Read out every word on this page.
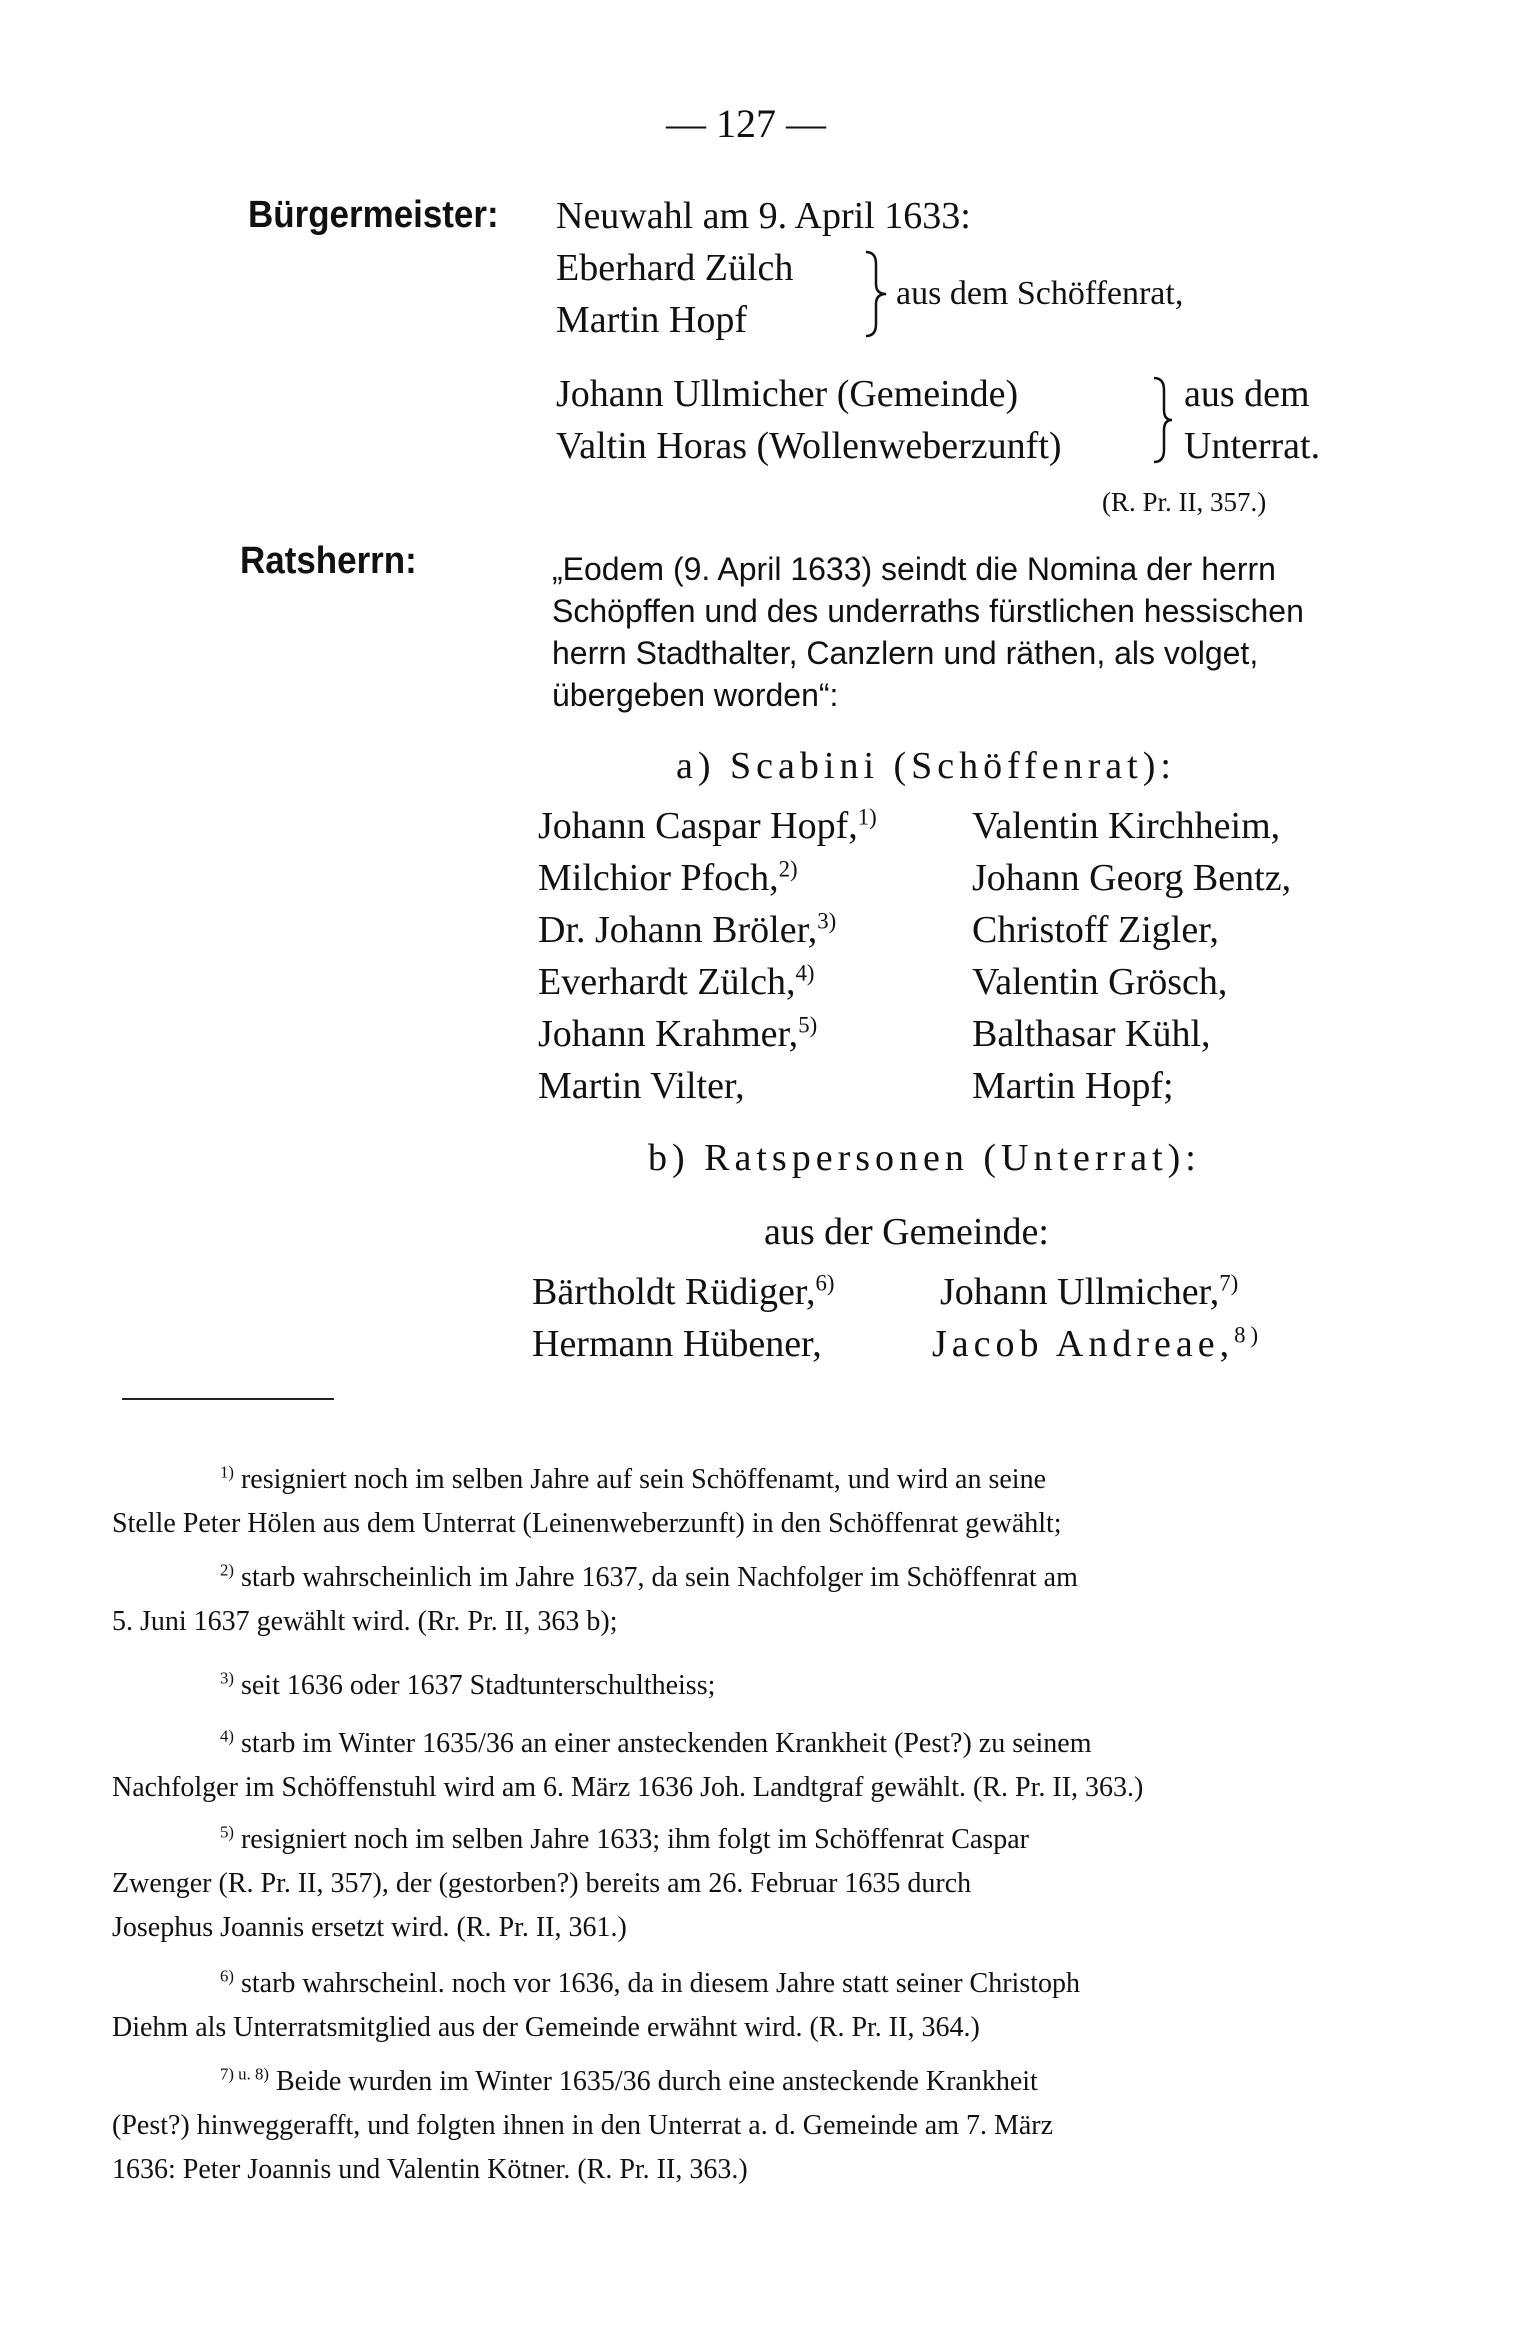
— 127 —
Bürgermeister: Neuwahl am 9. April 1633:
Eberhard Zülch
Martin Hopf
aus dem Schöffenrat,
Johann Ullmicher (Gemeinde)
Valtin Horas (Wollenweberzunft)
aus dem
Unterrat.
(R. Pr. II, 357.)
Ratsherrn:	„Eodem (9. April 1633) seindt die Nomina der herrn
Schöpffen und des underraths fürstlichen hessischen
herrn Stadthalter, Canzlern und räthen, als volget,
übergeben worden“:
a) Scabini (Schöffenrat):
Johann Caspar Hopf,$^{1)}$
Milchior Pfoch,$^{2)}$
Dr. Johann Bröler,$^{3)}$
Everhardt Zülch,$^{4)}$
Johann Krahmer,$^{5)}$
Martin Vilter,
Valentin Kirchheim,
Johann Georg Bentz,
Christoff Zigler,
Valentin Grösch,
Balthasar Kühl,
Martin Hopf;
b) Ratspersonen (Unterrat):
aus der Gemeinde:
Bärtholdt Rüdiger,$^{6)}$
Hermann Hübener,
Johann Ullmicher,$^{7)}$
Jacob Andreae,$^{8)}$
$^{1)}$ resigniert noch im selben Jahre auf sein Schöffenamt, und wird an seine
Stelle Peter Hölen aus dem Unterrat (Leinenweberzunft) in den Schöffenrat gewählt;
$^{2)}$ starb wahrscheinlich im Jahre 1637, da sein Nachfolger im Schöffenrat am
5. Juni 1637 gewählt wird. (Rr. Pr. II, 363 b);
$^{3)}$ seit 1636 oder 1637 Stadtunterschultheiss;
$^{4)}$ starb im Winter 1635/36 an einer ansteckenden Krankheit (Pest?) zu seinem
Nachfolger im Schöffenstuhl wird am 6. März 1636 Joh. Landtgraf gewählt. (R. Pr. II, 363.)
$^{5)}$ resigniert noch im selben Jahre 1633; ihm folgt im Schöffenrat Caspar
Zwenger (R. Pr. II, 357), der (gestorben?) bereits am 26. Februar 1635 durch
Josephus Joannis ersetzt wird. (R. Pr. II, 361.)
$^{6)}$ starb wahrscheinl. noch vor 1636, da in diesem Jahre statt seiner Christoph
Diehm als Unterratsmitglied aus der Gemeinde erwähnt wird. (R. Pr. II, 364.)
$^{7) u. 8)}$ Beide wurden im Winter 1635/36 durch eine ansteckende Krankheit
(Pest?) hinweggerafft, und folgten ihnen in den Unterrat a. d. Gemeinde am 7. März
1636: Peter Joannis und Valentin Kötner. (R. Pr. II, 363.)
